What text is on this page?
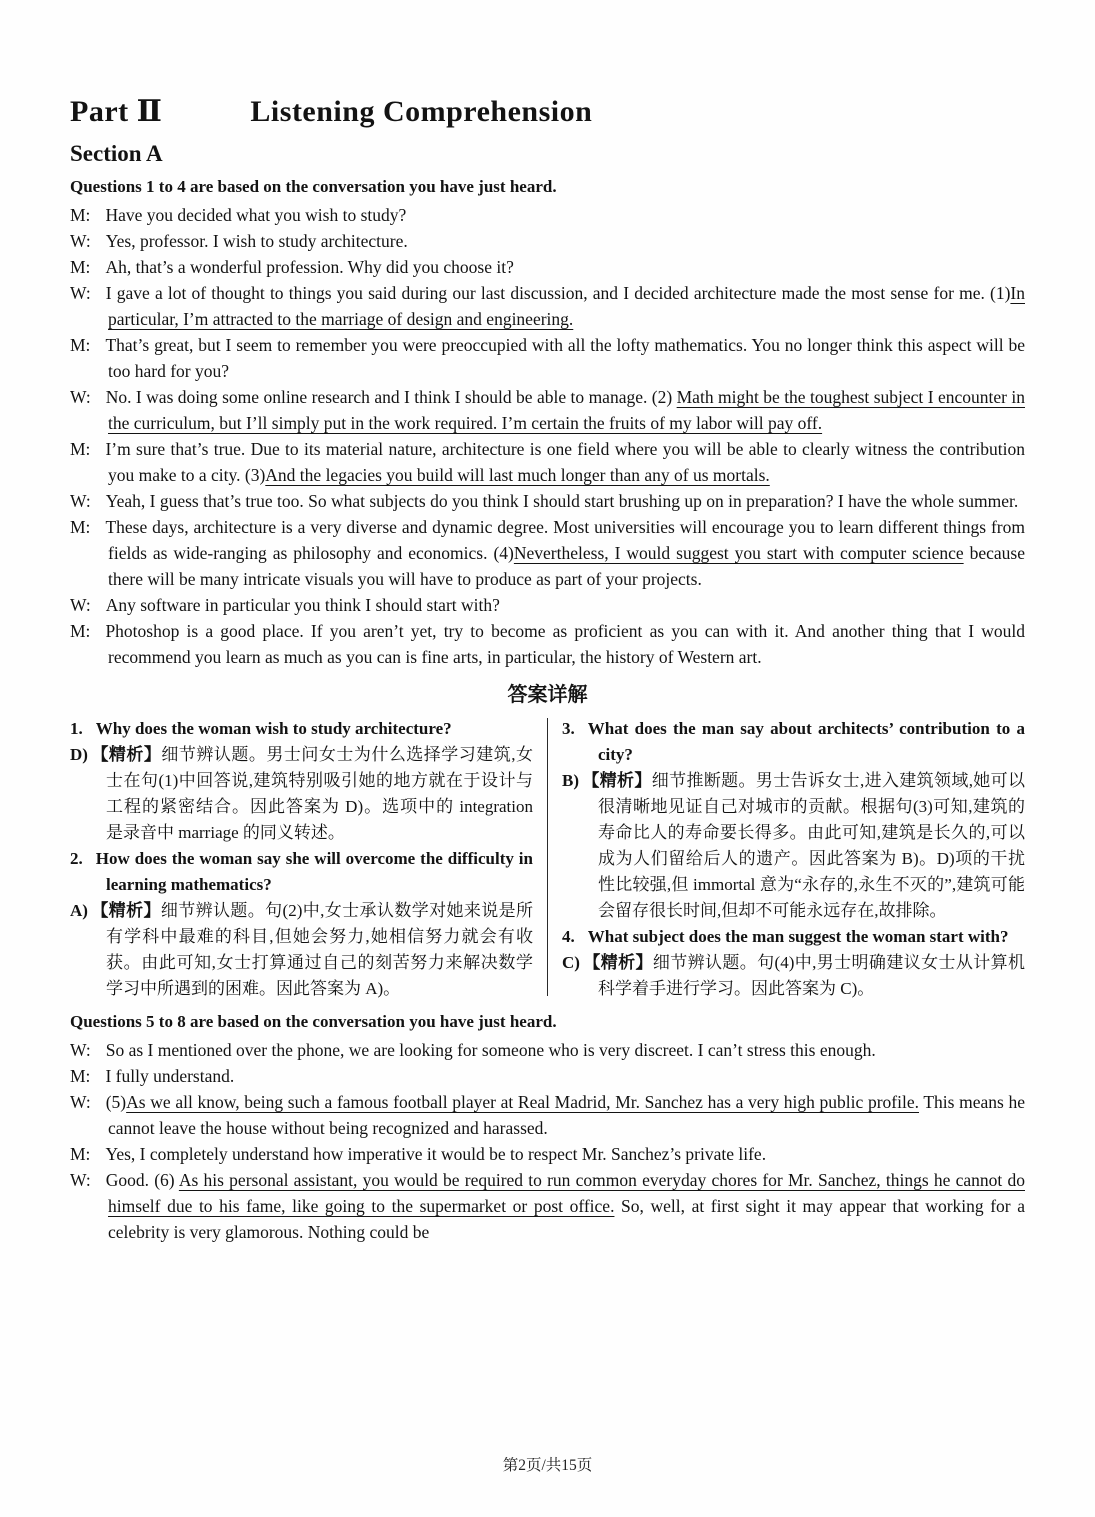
Part Ⅱ	Listening Comprehension
Section A
Questions 1 to 4 are based on the conversation you have just heard.
M: Have you decided what you wish to study?
W: Yes, professor. I wish to study architecture.
M: Ah, that’s a wonderful profession. Why did you choose it?
W: I gave a lot of thought to things you said during our last discussion, and I decided architecture made the most sense for me. (1)In particular, I’m attracted to the marriage of design and engineering.
M: That’s great, but I seem to remember you were preoccupied with all the lofty mathematics. You no longer think this aspect will be too hard for you?
W: No. I was doing some online research and I think I should be able to manage. (2) Math might be the toughest subject I encounter in the curriculum, but I’ll simply put in the work required. I’m certain the fruits of my labor will pay off.
M: I’m sure that’s true. Due to its material nature, architecture is one field where you will be able to clearly witness the contribution you make to a city. (3)And the legacies you build will last much longer than any of us mortals.
W: Yeah, I guess that’s true too. So what subjects do you think I should start brushing up on in preparation? I have the whole summer.
M: These days, architecture is a very diverse and dynamic degree. Most universities will encourage you to learn different things from fields as wide-ranging as philosophy and economics. (4)Nevertheless, I would suggest you start with computer science because there will be many intricate visuals you will have to produce as part of your projects.
W: Any software in particular you think I should start with?
M: Photoshop is a good place. If you aren’t yet, try to become as proficient as you can with it. And another thing that I would recommend you learn as much as you can is fine arts, in particular, the history of Western art.
答案详解
1. Why does the woman wish to study architecture?
D) 【精析】细节辨认题。男士问女士为什么选择学习建筑,女士在句(1)中回答说,建筑特别吸引她的地方就在于设计与工程的紧密结合。因此答案为 D)。选项中的 integration 是录音中 marriage 的同义转述。
2. How does the woman say she will overcome the difficulty in learning mathematics?
A) 【精析】细节辨认题。句(2)中,女士承认数学对她来说是所有学科中最难的科目,但她会努力,她相信努力就会有收获。由此可知,女士打算通过自己的刻苦努力来解决数学学习中所遇到的困难。因此答案为 A)。
3. What does the man say about architects’ contribution to a city?
B) 【精析】细节推断题。男士告诉女士,进入建筑领域,她可以很清晰地见证自己对城市的贡献。根据句(3)可知,建筑的寿命比人的寿命要长得多。由此可知,建筑是长久的,可以成为人们留给后人的遗产。因此答案为 B)。D)项的干扰性比较强,但 immortal 意为“永存的,永生不灭的”,建筑可能会留存很长时间,但却不可能永远存在,故排除。
4. What subject does the man suggest the woman start with?
C) 【精析】细节辨认题。句(4)中,男士明确建议女士从计算机科学着手进行学习。因此答案为 C)。
Questions 5 to 8 are based on the conversation you have just heard.
W: So as I mentioned over the phone, we are looking for someone who is very discreet. I can’t stress this enough.
M: I fully understand.
W: (5)As we all know, being such a famous football player at Real Madrid, Mr. Sanchez has a very high public profile. This means he cannot leave the house without being recognized and harassed.
M: Yes, I completely understand how imperative it would be to respect Mr. Sanchez’s private life.
W: Good. (6) As his personal assistant, you would be required to run common everyday chores for Mr. Sanchez, things he cannot do himself due to his fame, like going to the supermarket or post office. So, well, at first sight it may appear that working for a celebrity is very glamorous. Nothing could be
第2页/共15页
